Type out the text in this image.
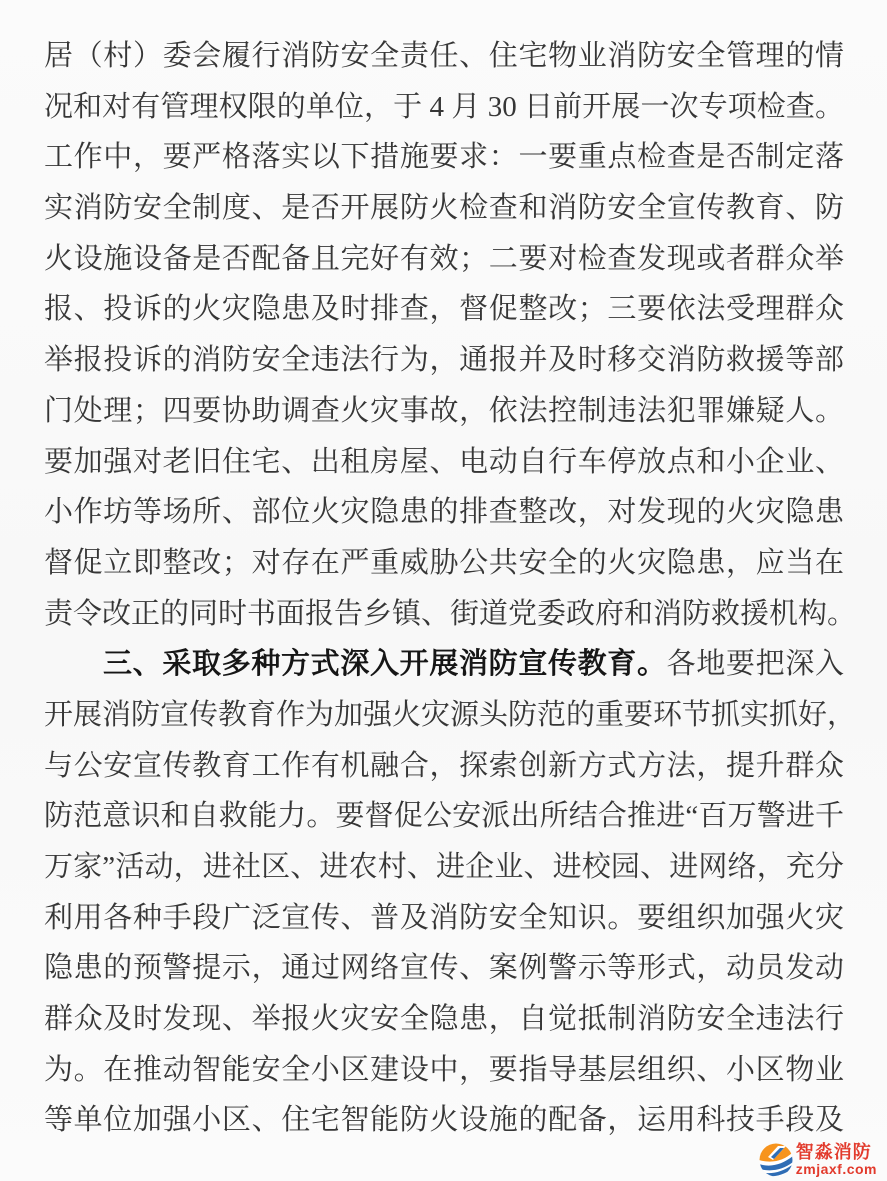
居（村）委会履行消防安全责任、住宅物业消防安全管理的情
况和对有管理权限的单位，于 4 月 30 日前开展一次专项检查。
工作中，要严格落实以下措施要求：一要重点检查是否制定落
实消防安全制度、是否开展防火检查和消防安全宣传教育、防
火设施设备是否配备且完好有效；二要对检查发现或者群众举
报、投诉的火灾隐患及时排查，督促整改；三要依法受理群众
举报投诉的消防安全违法行为，通报并及时移交消防救援等部
门处理；四要协助调查火灾事故，依法控制违法犯罪嫌疑人。
要加强对老旧住宅、出租房屋、电动自行车停放点和小企业、
小作坊等场所、部位火灾隐患的排查整改，对发现的火灾隐患
督促立即整改；对存在严重威胁公共安全的火灾隐患，应当在
责令改正的同时书面报告乡镇、街道党委政府和消防救援机构。
三、采取多种方式深入开展消防宣传教育。各地要把深入
开展消防宣传教育作为加强火灾源头防范的重要环节抓实抓好，
与公安宣传教育工作有机融合，探索创新方式方法，提升群众
防范意识和自救能力。要督促公安派出所结合推进“百万警进千
万家”活动，进社区、进农村、进企业、进校园、进网络，充分
利用各种手段广泛宣传、普及消防安全知识。要组织加强火灾
隐患的预警提示，通过网络宣传、案例警示等形式，动员发动
群众及时发现、举报火灾安全隐患，自觉抵制消防安全违法行
为。在推动智能安全小区建设中，要指导基层组织、小区物业
等单位加强小区、住宅智能防火设施的配备，运用科技手段及
智淼消防
zmjaxf.com
